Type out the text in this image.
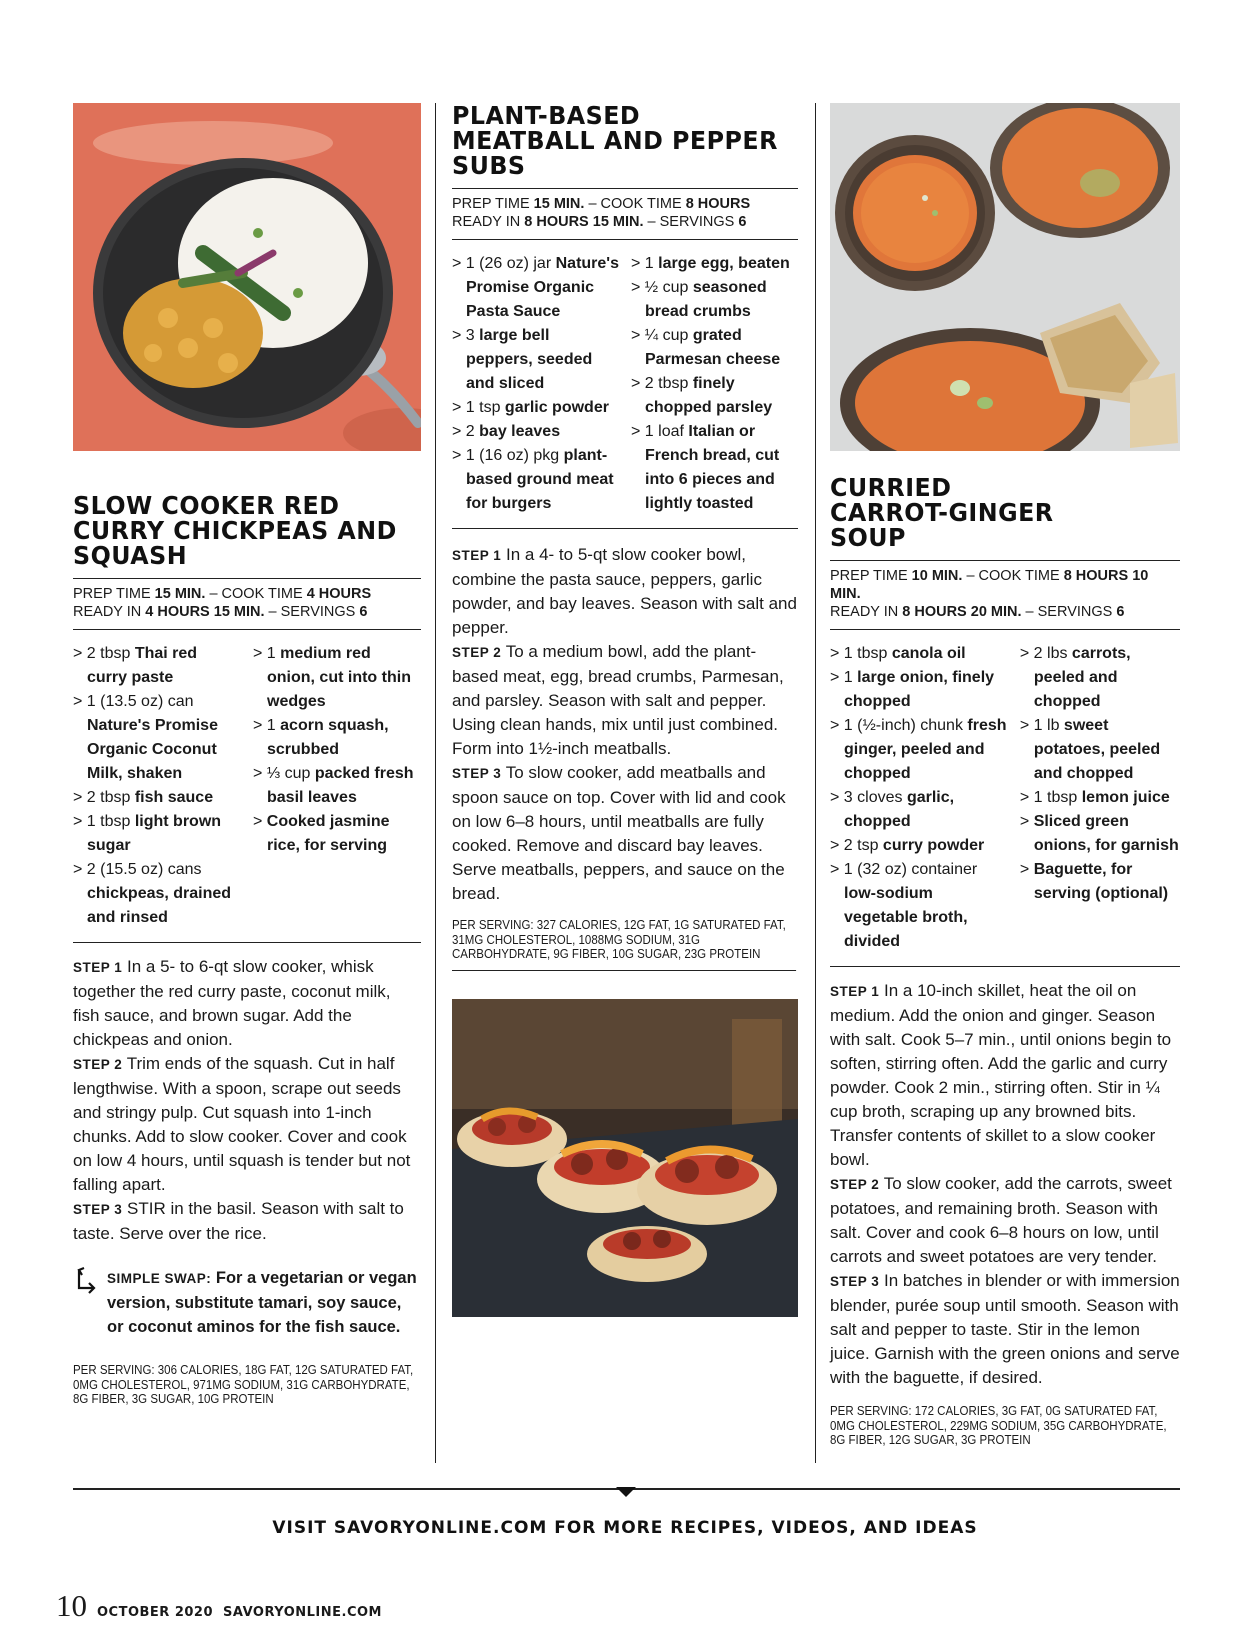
SLOW COOKER RED CURRY CHICKPEAS AND SQUASH
PREP TIME 15 MIN. – COOK TIME 4 HOURS
READY IN 4 HOURS 15 MIN. – SERVINGS 6
> 2 tbsp Thai red curry paste
> 1 (13.5 oz) can Nature's Promise Organic Coconut Milk, shaken
> 2 tbsp fish sauce
> 1 tbsp light brown sugar
> 2 (15.5 oz) cans chickpeas, drained and rinsed
> 1 medium red onion, cut into thin wedges
> 1 acorn squash, scrubbed
> ⅓ cup packed fresh basil leaves
> Cooked jasmine rice, for serving

STEP 1 In a 5- to 6-qt slow cooker, whisk together the red curry paste, coconut milk, fish sauce, and brown sugar. Add the chickpeas and onion.

STEP 2 Trim ends of the squash. Cut in half lengthwise. With a spoon, scrape out seeds and stringy pulp. Cut squash into 1-inch chunks. Add to slow cooker. Cover and cook on low 4 hours, until squash is tender but not falling apart.

STEP 3 STIR in the basil. Season with salt to taste. Serve over the rice.

SIMPLE SWAP: For a vegetarian or vegan version, substitute tamari, soy sauce, or coconut aminos for the fish sauce.
PER SERVING: 306 CALORIES, 18G FAT, 12G SATURATED FAT, 0MG CHOLESTEROL, 971MG SODIUM, 31G CARBOHYDRATE, 8G FIBER, 3G SUGAR, 10G PROTEIN
PLANT-BASED MEATBALL AND PEPPER SUBS
PREP TIME 15 MIN. – COOK TIME 8 HOURS
READY IN 8 HOURS 15 MIN. – SERVINGS 6
> 1 (26 oz) jar Nature's Promise Organic Pasta Sauce
> 3 large bell peppers, seeded and sliced
> 1 tsp garlic powder
> 2 bay leaves
> 1 (16 oz) pkg plant-based ground meat for burgers
> 1 large egg, beaten
> ½ cup seasoned bread crumbs
> ¼ cup grated Parmesan cheese
> 2 tbsp finely chopped parsley
> 1 loaf Italian or French bread, cut into 6 pieces and lightly toasted

STEP 1 In a 4- to 5-qt slow cooker bowl, combine the pasta sauce, peppers, garlic powder, and bay leaves. Season with salt and pepper.

STEP 2 To a medium bowl, add the plant-based meat, egg, bread crumbs, Parmesan, and parsley. Season with salt and pepper. Using clean hands, mix until just combined. Form into 1½-inch meatballs.

STEP 3 To slow cooker, add meatballs and spoon sauce on top. Cover with lid and cook on low 6–8 hours, until meatballs are fully cooked. Remove and discard bay leaves. Serve meatballs, peppers, and sauce on the bread.

PER SERVING: 327 CALORIES, 12G FAT, 1G SATURATED FAT, 31MG CHOLESTEROL, 1088MG SODIUM, 31G CARBOHYDRATE, 9G FIBER, 10G SUGAR, 23G PROTEIN
CURRIED CARROT-GINGER SOUP
PREP TIME 10 MIN. – COOK TIME 8 HOURS 10 MIN.
READY IN 8 HOURS 20 MIN. – SERVINGS 6
> 1 tbsp canola oil
> 1 large onion, finely chopped
> 1 (½-inch) chunk fresh ginger, peeled and chopped
> 3 cloves garlic, chopped
> 2 tsp curry powder
> 1 (32 oz) container low-sodium vegetable broth, divided
> 2 lbs carrots, peeled and chopped
> 1 lb sweet potatoes, peeled and chopped
> 1 tbsp lemon juice
> Sliced green onions, for garnish
> Baguette, for serving (optional)

STEP 1 In a 10-inch skillet, heat the oil on medium. Add the onion and ginger. Season with salt. Cook 5–7 min., until onions begin to soften, stirring often. Add the garlic and curry powder. Cook 2 min., stirring often. Stir in ¼ cup broth, scraping up any browned bits. Transfer contents of skillet to a slow cooker bowl.

STEP 2 To slow cooker, add the carrots, sweet potatoes, and remaining broth. Season with salt. Cover and cook 6–8 hours on low, until carrots and sweet potatoes are very tender.

STEP 3 In batches in blender or with immersion blender, purée soup until smooth. Season with salt and pepper to taste. Stir in the lemon juice. Garnish with the green onions and serve with the baguette, if desired.

PER SERVING: 172 CALORIES, 3G FAT, 0G SATURATED FAT, 0MG CHOLESTEROL, 229MG SODIUM, 35G CARBOHYDRATE, 8G FIBER, 12G SUGAR, 3G PROTEIN
VISIT SAVORYONLINE.COM FOR MORE RECIPES, VIDEOS, AND IDEAS
10 OCTOBER 2020 SAVORYONLINE.COM
